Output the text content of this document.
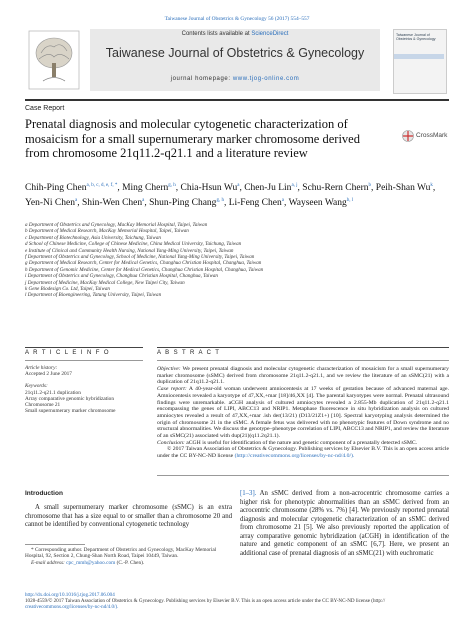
Taiwanese Journal of Obstetrics & Gynecology 56 (2017) 554–557
Contents lists available at ScienceDirect
Taiwanese Journal of Obstetrics & Gynecology
journal homepage: www.tjog-online.com
Taiwanese Journal of Obstetrics & Gynecology
Case Report
Prenatal diagnosis and molecular cytogenetic characterization of mosaicism for a small supernumerary marker chromosome derived from chromosome 21q11.2-q21.1 and a literature review
CrossMark
Chih-Ping Chen$^{a, b, c, d, e, f, *}$, Ming Chern$^{g, h}$, Chia-Hsun Wu$^a$, Chen-Ju Lin$^{a, j}$, Schu-Rern Chern$^b$, Peih-Shan Wu$^k$, Yen-Ni Chen$^a$, Shin-Wen Chen$^a$, Shun-Ping Chang$^{g, h}$, Li-Feng Chen$^a$, Wayseen Wang$^{b, l}$
a Department of Obstetrics and Gynecology, MacKay Memorial Hospital, Taipei, Taiwan
b Department of Medical Research, MacKay Memorial Hospital, Taipei, Taiwan
c Department of Biotechnology, Asia University, Taichung, Taiwan
d School of Chinese Medicine, College of Chinese Medicine, China Medical University, Taichung, Taiwan
e Institute of Clinical and Community Health Nursing, National Yang-Ming University, Taipei, Taiwan
f Department of Obstetrics and Gynecology, School of Medicine, National Yang-Ming University, Taipei, Taiwan
g Department of Medical Research, Center for Medical Genetics, Changhua Christian Hospital, Changhua, Taiwan
h Department of Genomic Medicine, Center for Medical Genetics, Changhua Christian Hospital, Changhua, Taiwan
i Department of Obstetrics and Gynecology, Changhua Christian Hospital, Changhua, Taiwan
j Department of Medicine, MacKay Medical College, New Taipei City, Taiwan
k Gene Biodesign Co. Ltd, Taipei, Taiwan
l Department of Bioengineering, Tatung University, Taipei, Taiwan
A R T I C L E I N F O
Article history:
Accepted 2 June 2017
Keywords:
21q11.2-q21.1 duplication
Array comparative genomic hybridization
Chromosome 21
Small supernumerary marker chromosome
A B S T R A C T
Objective: We present prenatal diagnosis and molecular cytogenetic characterization of mosaicism for a small supernumerary marker chromosome (sSMC) derived from chromosome 21q11.2-q21.1, and we review the literature of an sSMC(21) with a duplication of 21q11.2-q21.1.
Case report: A 40-year-old woman underwent amniocentesis at 17 weeks of gestation because of advanced maternal age. Amniocentesis revealed a karyotype of 47,XX,+mar [18]/46,XX [4]. The parental karyotypes were normal. Prenatal ultrasound findings were unremarkable. aCGH analysis of cultured amniocytes revealed a 2.855-Mb duplication of 21q11.2-q21.1 encompassing the genes of LIPI, ABCC13 and NRIP1. Metaphase fluorescence in situ hybridization analysis on cultured amniocytes revealed a result of 47,XX,+mar .ish der(13/21) (D13/21Z1+) [10]. Spectral karyotyping analysis determined the origin of chromosome 21 in the sSMC. A female fetus was delivered with no phenotypic features of Down syndrome and no structural abnormalities. We discuss the genotype–phenotype correlation of LIPI, ABCC13 and NRIP1, and review the literature of an sSMC(21) associated with dup(21)(q11.2q21.1).
Conclusion: aCGH is useful for identification of the nature and genetic component of a prenatally detected sSMC.
© 2017 Taiwan Association of Obstetrics & Gynecology. Publishing services by Elsevier B.V. This is an open access article under the CC BY-NC-ND license (http://creativecommons.org/licenses/by-nc-nd/4.0/).
Introduction
A small supernumerary marker chromosome (sSMC) is an extra chromosome that has a size equal to or smaller than a chromosome 20 and cannot be identified by conventional cytogenetic technology
[1–3]. An sSMC derived from a non-acrocentric chromosome carries a higher risk for phenotypic abnormalities than an sSMC derived from an acrocentric chromosome (28% vs. 7%) [4]. We previously reported prenatal diagnosis and molecular cytogenetic characterization of an sSMC derived from chromosome 21 [5]. We also previously reported the application of array comparative genomic hybridization (aCGH) in identification of the nature and genetic component of an sSMC [6,7]. Here, we present an additional case of prenatal diagnosis of an sSMC(21) with euchromatic
* Corresponding author. Department of Obstetrics and Gynecology, MacKay Memorial Hospital, 92, Section 2, Chung-Shan North Road, Taipei 10449, Taiwan.
E-mail address: cpc_mmh@yahoo.com (C.-P. Chen).
http://dx.doi.org/10.1016/j.tjog.2017.06.004
1028-4559/© 2017 Taiwan Association of Obstetrics & Gynecology. Publishing services by Elsevier B.V. This is an open access article under the CC BY-NC-ND license (http://
creativecommons.org/licenses/by-nc-nd/4.0/).
